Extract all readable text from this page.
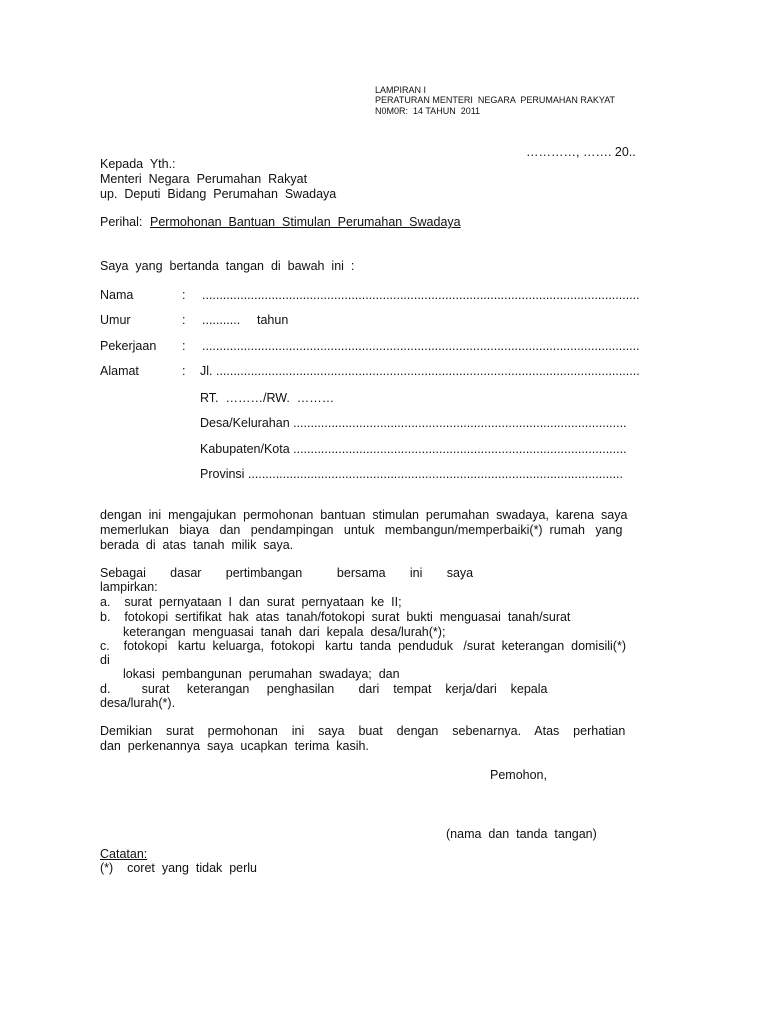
LAMPIRAN I
PERATURAN MENTERI  NEGARA  PERUMAHAN RAKYAT
N0M0R:  14 TAHUN  2011
…………, ……. 20..
Kepada  Yth.:
Menteri  Negara  Perumahan  Rakyat
up.  Deputi  Bidang  Perumahan  Swadaya
Perihal: Permohonan  Bantuan  Stimulan  Perumahan  Swadaya
Saya  yang  bertanda  tangan  di  bawah  ini  :
Nama	: ..............................................................................................................................
Umur	: ........... tahun
Pekerjaan : ..............................................................................................................................
Alamat	: Jl. ..........................................................................................................................
RT.  ………/RW.  ………
Desa/Kelurahan ................................................................................................
Kabupaten/Kota ................................................................................................
Provinsi ............................................................................................................
dengan  ini  mengajukan  permohonan  bantuan  stimulan  perumahan  swadaya,  karena  saya
memerlukan   biaya   dan   pendampingan   untuk   membangun/memperbaiki(*)  rumah   yang
berada  di  atas  tanah  milik  saya.
Sebagai       dasar       pertimbangan          bersama       ini       saya
lampirkan:
a.    surat  pernyataan  I  dan  surat  pernyataan  ke  II;
b.    fotokopi  sertifikat  hak  atas  tanah/fotokopi  surat  bukti  menguasai  tanah/surat
keterangan  menguasai  tanah  dari  kepala  desa/lurah(*);
c.    fotokopi   kartu  keluarga,  fotokopi   kartu  tanda  penduduk   /surat  keterangan  domisili(*)
di
lokasi  pembangunan  perumahan  swadaya;  dan
d.         surat     keterangan     penghasilan       dari    tempat    kerja/dari    kepala
desa/lurah(*).
Demikian    surat    permohonan    ini    saya    buat    dengan    sebenarnya.    Atas    perhatian
dan  perkenannya  saya  ucapkan  terima  kasih.
Pemohon,
(nama  dan  tanda  tangan)
Catatan:
(*)    coret  yang  tidak  perlu
